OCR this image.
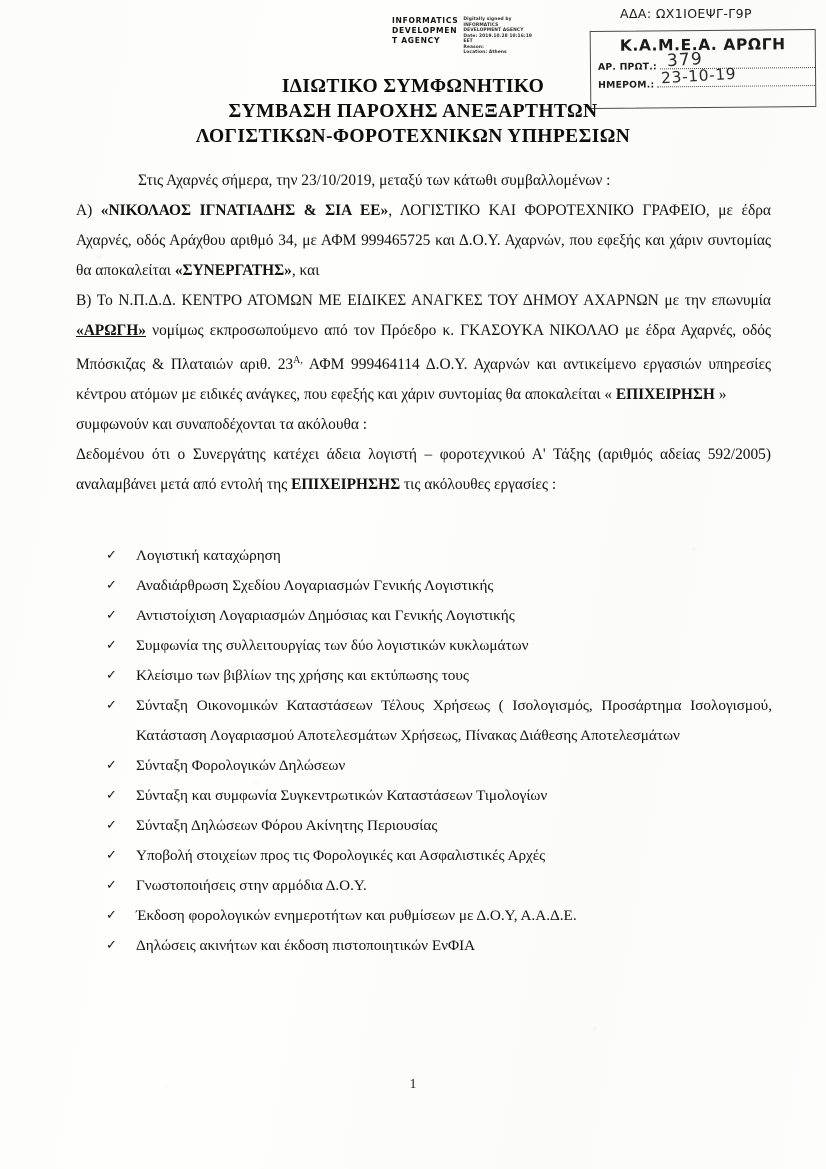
ΑΔΑ: ΩΧ1ΙΟΕΨΓ-Γ9Ρ
INFORMATICS
DEVELOPMEN
T AGENCY
Digitally signed by
INFORMATICS
DEVELOPMENT AGENCY
Date: 2019.10.28 10:16:19
EET
Reason:
Location: Athens	Κ.Α.Μ.Ε.Α. ΑΡΩΓΗ
ΑΡ. ΠΡΩΤ.: 379
ΗΜΕΡΟΜ.: 23-10-19
ΙΔΙΩΤΙΚΟ ΣΥΜΦΩΝΗΤΙΚΟ
ΣΥΜΒΑΣΗ ΠΑΡΟΧΗΣ ΑΝΕΞΑΡΤΗΤΩΝ
ΛΟΓΙΣΤΙΚΩΝ-ΦΟΡΟΤΕΧΝΙΚΩΝ ΥΠΗΡΕΣΙΩΝ

Στις Αχαρνές σήμερα, την 23/10/2019, μεταξύ των κάτωθι συμβαλλομένων :

Α) «ΝΙΚΟΛΑΟΣ ΙΓΝΑΤΙΑΔΗΣ & ΣΙΑ ΕΕ», ΛΟΓΙΣΤΙΚΟ ΚΑΙ ΦΟΡΟΤΕΧΝΙΚΟ ΓΡΑΦΕΙΟ, με έδρα Αχαρνές, οδός Αράχθου αριθμό 34, με ΑΦΜ 999465725 και Δ.Ο.Υ. Αχαρνών, που εφεξής και χάριν συντομίας θα αποκαλείται «ΣΥΝΕΡΓΑΤΗΣ», και

Β) Το Ν.Π.Δ.Δ. ΚΕΝΤΡΟ ΑΤΟΜΩΝ ΜΕ ΕΙΔΙΚΕΣ ΑΝΑΓΚΕΣ ΤΟΥ ΔΗΜΟΥ ΑΧΑΡΝΩΝ με την επωνυμία «ΑΡΩΓΗ» νομίμως εκπροσωπούμενο από τον Πρόεδρο κ. ΓΚΑΣΟΥΚΑ ΝΙΚΟΛΑΟ με έδρα Αχαρνές, οδός Μπόσκιζας & Πλαταιών αριθ. $23^{A,}$ ΑΦΜ 999464114 Δ.Ο.Υ. Αχαρνών και αντικείμενο εργασιών υπηρεσίες κέντρου ατόμων με ειδικές ανάγκες, που εφεξής και χάριν συντομίας θα αποκαλείται « ΕΠΙΧΕΙΡΗΣΗ »

συμφωνούν και συναποδέχονται τα ακόλουθα :

Δεδομένου ότι ο Συνεργάτης κατέχει άδεια λογιστή – φοροτεχνικού Α' Τάξης (αριθμός αδείας 592/2005) αναλαμβάνει μετά από εντολή της ΕΠΙΧΕΙΡΗΣΗΣ τις ακόλουθες εργασίες :

✓ Λογιστική καταχώρηση
✓ Αναδιάρθρωση Σχεδίου Λογαριασμών Γενικής Λογιστικής
✓ Αντιστοίχιση Λογαριασμών Δημόσιας και Γενικής Λογιστικής
✓ Συμφωνία της συλλειτουργίας των δύο λογιστικών κυκλωμάτων
✓ Κλείσιμο των βιβλίων της χρήσης και εκτύπωσης τους
✓ Σύνταξη Οικονομικών Καταστάσεων Τέλους Χρήσεως ( Ισολογισμός, Προσάρτημα Ισολογισμού, Κατάσταση Λογαριασμού Αποτελεσμάτων Χρήσεως, Πίνακας Διάθεσης Αποτελεσμάτων
✓ Σύνταξη Φορολογικών Δηλώσεων
✓ Σύνταξη και συμφωνία Συγκεντρωτικών Καταστάσεων Τιμολογίων
✓ Σύνταξη Δηλώσεων Φόρου Ακίνητης Περιουσίας
✓ Υποβολή στοιχείων προς τις Φορολογικές και Ασφαλιστικές Αρχές
✓ Γνωστοποιήσεις στην αρμόδια Δ.Ο.Υ.
✓ Έκδοση φορολογικών ενημεροτήτων και ρυθμίσεων με Δ.Ο.Υ, Α.Α.Δ.Ε.
✓ Δηλώσεις ακινήτων και έκδοση πιστοποιητικών ΕνΦΙΑ
1
